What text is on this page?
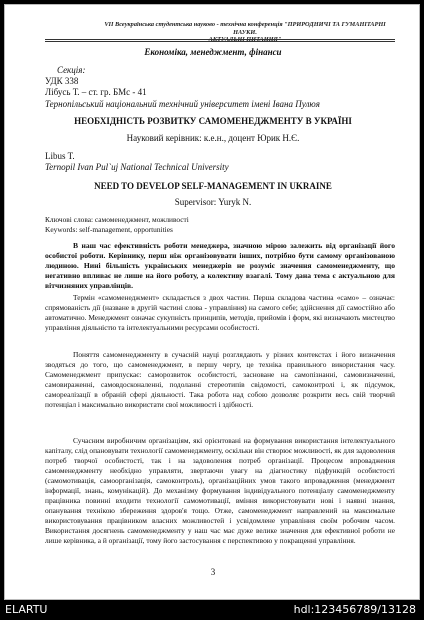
VII Всеукраїнська студентська науково - технічна конференція "ПРИРОДНИЧІ ТА ГУМАНІТАРНІ НАУКИ.
АКТУАЛЬНІ ПИТАННЯ"
Економіка, менеджмент, фінанси
Секція:
УДК 338
Лібусь Т. – ст. гр. БМс - 41
Тернопільський національний технічний університет імені Івана Пулюя
НЕОБХІДНІСТЬ РОЗВИТКУ САМОМЕНЕДЖМЕНТУ В УКРАЇНІ
Науковий керівник: к.е.н., доцент Юрик Н.Є.
Libus T.
Ternopil Ivan Pul`uj National Technical University
NEED TO DEVELOP SELF-MANAGEMENT IN UKRAINE
Supervisor: Yuryk N.
Ключові слова: самоменеджмент, можливості
Keywords: self-management, opportunities
В наш час ефективність роботи менеджера, значною мірою залежить від організації його особистої роботи. Керівнику, перш ніж організовувати інших, потрібно бути самому організованою людиною. Нині більшість українських менеджерів не розуміє значення самоменеджменту, що негативно впливає не лише на його роботу, а колективу взагалі. Тому дана тема є актуальною для вітчизняних управлінців.
Термін «самоменеджмент» складається з двох частин. Перша складова частина «само» – означає: спрямованість дії (назване в другій частині слова - управління) на самого себе; здійснення дії самостійно або автоматично. Менеджмент означає сукупність принципів, методів, прийомів і форм, які визначають мистецтво управління діяльністю та інтелектуальними ресурсами особистості.
Поняття самоменеджменту в сучасній науці розглядають у різних контекстах і його визначення зводяться до того, що самоменеджмент, в першу чергу, це техніка правильного використання часу. Самоменеджмент припускає: саморозвиток особистості, засноване на самопізнанні, самовизначенні, самовираженні, самовдосконаленні, подоланні стереотипів свідомості, самоконтролі і, як підсумок, самореалізації в обраній сфері діяльності. Така робота над собою дозволяє розкрити весь свій творчий потенціал і максимально використати свої можливості і здібності.
Сучасним виробничим організаціям, які орієнтовані на формування використання інтелектуального капіталу, слід опановувати технології самоменеджменту, оскільки він створює можливості, як для задоволення потреб творчої особистості, так і на задоволення потреб організації. Процесом впровадження самоменеджменту необхідно управляти, звертаючи увагу на діагностику підфункцій особистості (самомотивація, самоорганізація, самоконтроль), організаційних умов такого впровадження (менеджмент інформації, знань, комунікацій). До механізму формування індивідуального потенціалу самоменеджменту працівника повинні входити технології самомотивації, вміння використовувати нові і наявні знання, опанування технікою збереження здоров'я тощо. Отже, самоменеджмент направлений на максимальне використовування працівником власних можливостей і усвідомлене управління своїм робочим часом. Використання досягнень самоменеджменту у наш час має дуже велике значення для ефективної роботи не лише керівника, а й організації, тому його застосування є перспективою у покращенні управління.
3
ELARTU	hdl:123456789/13128
